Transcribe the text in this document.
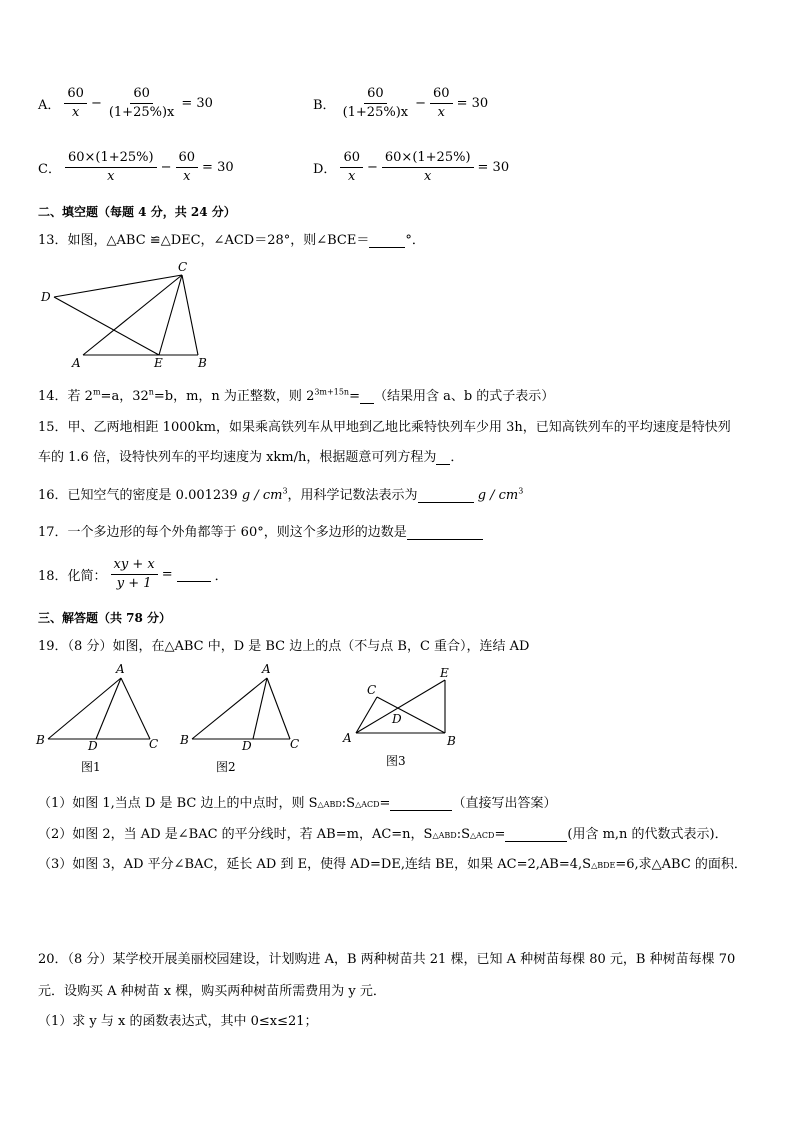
A． $\frac{60}{x} - \frac{60}{(1+25\%)x} = 30$	B． $\frac{60}{(1+25\%)x} - \frac{60}{x} = 30$
C． $\frac{60\times(1+25\%)}{x} - \frac{60}{x} = 30$	D． $\frac{60}{x} - \frac{60\times(1+25\%)}{x} = 30$
二、填空题（每题 4 分，共 24 分）
13．如图，△ABC ≌△DEC，∠ACD＝28°，则∠BCE＝	°．
C
D
A	E	B
14．若 $2^m=a$，$32^n=b$，m，n 为正整数，则 $2^{3m+15n}=$ （结果用含 a、b 的式子表示）
15．甲、乙两地相距 1000km，如果乘高铁列车从甲地到乙地比乘特快列车少用 3h，已知高铁列车的平均速度是特快列
车的 1.6 倍，设特快列车的平均速度为 xkm/h，根据题意可列方程为 ．
16．已知空气的密度是 0.001239 g / $cm^3$，用科学记数法表示为	g / $cm^3$
17．一个多边形的每个外角都等于 60°，则这个多边形的边数是
18．化简： $\frac{xy + x}{y + 1}$ =
	．
三、解答题（共 78 分）
19．（8 分）如图，在△ABC 中，D 是 BC 边上的点（不与点 B，C 重合），连结 AD
A
B	D	C
图1
A
B	D	C
图2
C
E
D
A	B
图3
（1）如图 1,当点 D 是 BC 边上的中点时，则 S△ABD:S△ACD=	（直接写出答案）
（2）如图 2，当 AD 是∠BAC 的平分线时，若 AB=m，AC=n，S△ABD:S△ACD=	(用含 m,n 的代数式表示)．
（3）如图 3，AD 平分∠BAC，延长 AD 到 E，使得 AD=DE,连结 BE，如果 AC=2,AB=4,S△BDE=6,求△ABC 的面积．
20．（8 分）某学校开展美丽校园建设，计划购进 A，B 两种树苗共 21 棵，已知 A 种树苗每棵 80 元，B 种树苗每棵 70
元．设购买 A 种树苗 x 棵，购买两种树苗所需费用为 y 元．
（1）求 y 与 x 的函数表达式，其中 0≤x≤21；
